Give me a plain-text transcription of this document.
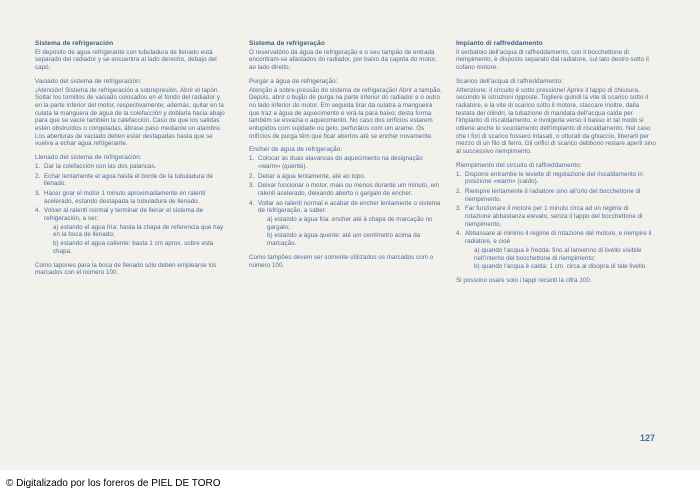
Sistema de refrigeración

El depósito de agua refrigerante con tubuladura de llenado está separado del radiador y se encuentra al lado derecho, debajo del capó.

Vaciado del sistema de refrigeración:

¡Atención! Sistema de refrigeración a sobrepresión. Abrir el tapón. Soltar los tornillos de vaciado colocados en el fondo del radiador y en la parte inferior del motor, respectivamente; además, quitar en la culata la manguera de agua de la colefacción y doblarla hacia abajo para que se vacíe también la calefacción. Caso de que los salidas estén obstruídos o congeladas, ábrase paso mediante un alambre. Los aberturas de vaciado deben estar destapadas hasta que se vuelva a echar agua refrigerante.

Llenado del sistema de refrigeración:
1. Dar la colefacción con las dos palancas.
2. Echar lentamente el agua hasta el borde de la tubuladura de llenado.
3. Hacer girar el motor 1 minuto aproximadamente en ralentí acelerado, estando destapada la tubuladura de llenado.
4. Volver al ralentí normal y terminar de llenar el sistema de refrigeración, a ser:
a) estando el agua fría: hasta la chapa de referencia que hay en la boca de llenado;
b) estando el agua caliente: basta 1 cm aprox. sobre esta chapa.

Como tapones para la boca de llenado sólo deben emplearse los marcados con el número 100.

Sistema de refrigeração

O reservatório da água de refrigeração e o seu tampão de entrada encontram-se afastados do radiador, por baixo da capota do motor, ao lado direito.

Purgar a água de refrigeração:

Atenção à sobre-pressão do sistema de refrigeração! Abrir a tampão. Depois, abrir o bujão de purga na parte inferior do radiador e o outro no lado inferior do motor. Em seguida tirar da culatra a mangueira que traz a água de aquecimento e virá-la para baixo; desta forma também se esvazia o aquecimento. No caso dos orifícios estarem entupidos com sujidade ou gelo, perfurálos com um arame. Os orifícios de purga têm que ficar abertos até se encher novamente.

Encher de água de refrigeração:
1. Colocar as duas alavancas do aquecimento na designação «warm» (quente).
2. Deitar a água lentamente, até ao topo.
3. Deixar funcionar o motor, mais ou menos durante um minuto, em ralenti acelerado, deixando aberto o gargalo de encher.
4. Voltar ao ralenti normal e acabar de encher lentamente o sistema de refrigeração, a saber:
a) estando a água fria: encher até à chapa de marcação no gargalo;
b) estando a água quente: até um centímetro acima da marcação.

Como tampões devem ser somente utilizados os marcados com o número 100.

Impianto di raffreddamento

Il serbatoio dell'acqua di raffreddamento, con il bocchettone di riempimento, è disposto separato dal radiatore, sul lato destro sotto il cofano motore.

Scarico dell'acqua di raffreddamento:

Attenzione: il circuito è sotto pressione! Aprire il tappo di chiusura, secondo le istruzioni opposte. Togliere quindi la vite di scarico sotto il radiatore, e la vite di scarico sotto il motore, staccare inoltre, dalla testata dei cilindri, la tubazione di mandata dell'acqua calda per l'impianto di riscaldamento, e rivolgerla verso il basso in tal modo si ottiene anche lo svuotamento dell'impianto di riscaldamento. Nel caso che i fori di scarico fossero intasati, o otturati da ghiaccio, liberarli per mezzo di un filo di ferro. Gli orifici di scarico debbono restare aperti sino al successivo riempimento.

Riempimento del circuito di raffreddamento:
1. Disporre entrambe le levette di regolazione del riscaldamento in posizione «warm» (caldo).
2. Riempire lentamente il radiatore sino all'orlo del bocchettone di riempimento.
3. Far funzionare il motore per 1 minuto circa ad un regime di rotazione abbastanza elevato, senza il tappo del bocchettone di riempimento.
4. Abbassare al minimo il regime di rotazione del motore, e riempire il radiatore, e cioè
a) quando l'acqua è fredda: fino al lamierino di livello visibile nell'interno del bocchettone di riempimento;
b) quando l'acqua è calda: 1 cm. circa al disopra di tale livello.

Si possono usare solo i tappi recanti la cifra 100.

127
© Digitalizado por los foreros de PIEL DE TORO
